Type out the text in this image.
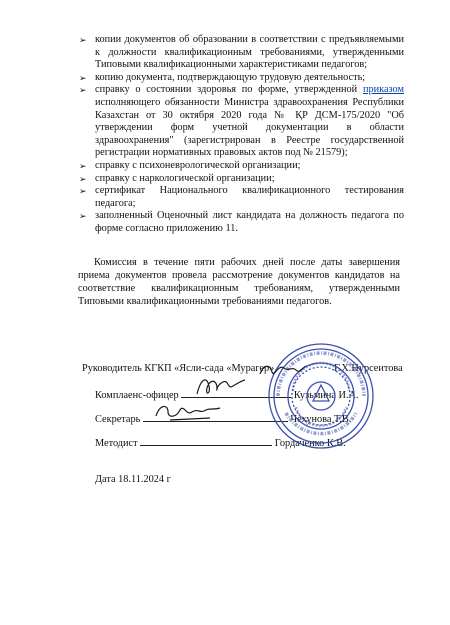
➢ копии документов об образовании в соответствии с предъявляемыми к должности квалификационным требованиями, утвержденными Типовыми квалификационными характеристиками педагогов;
➢ копию документа, подтверждающую трудовую деятельность;
➢ справку о состоянии здоровья по форме, утвержденной приказом исполняющего обязанности Министра здравоохранения Республики Казахстан от 30 октября 2020 года № ҚР ДСМ-175/2020 "Об утверждении форм учетной документации в области здравоохранения" (зарегистрирован в Реестре государственной регистрации нормативных правовых актов под № 21579);
➢ справку с психоневрологической организации;
➢ справку с наркологической организации;
➢ сертификат Национального квалификационного тестирования педагога;
➢ заполненный Оценочный лист кандидата на должность педагога по форме согласно приложению 11.

Комиссия в течение пяти рабочих дней после даты завершения приема документов провела рассмотрение документов кандидатов на соответствие квалификационным требованиям, утвержденными Типовыми квалификационными требованиями педагогов.

Руководитель КГКП «Ясли-сада «Мурагер»	Г.Х.Нурсеитова
Комплаенс-офицер	Кузьмина И.А.
Секретарь	Чехунова Т.В.
Методист	Гордаченко К.В.
Дата 18.11.2024 г
